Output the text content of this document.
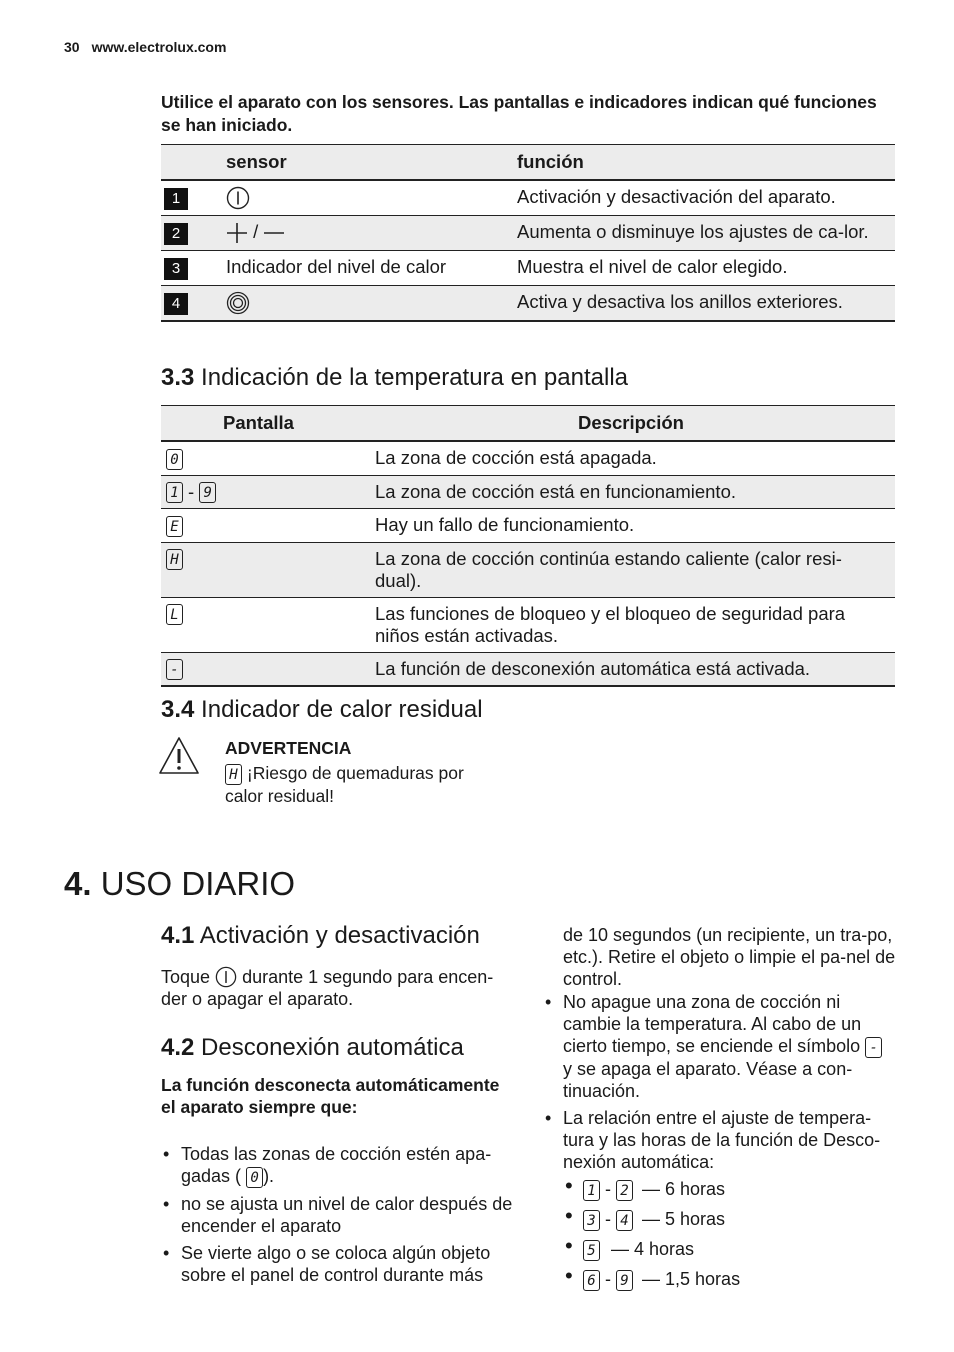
30 www.electrolux.com
Utilice el aparato con los sensores. Las pantallas e indicadores indican qué funciones se han iniciado.
	sensor	función
1		Activación y desactivación del aparato.
2	/	Aumenta o disminuye los ajustes de ca-lor.
3	Indicador del nivel de calor	Muestra el nivel de calor elegido.
4		Activa y desactiva los anillos exteriores.
3.3 Indicación de la temperatura en pantalla
Pantalla	Descripción
0	La zona de cocción está apagada.
1 - 9	La zona de cocción está en funcionamiento.
E	Hay un fallo de funcionamiento.
H	La zona de cocción continúa estando caliente (calor resi-dual).
L	Las funciones de bloqueo y el bloqueo de seguridad para niños están activadas.
-	La función de desconexión automática está activada.
3.4 Indicador de calor residual
ADVERTENCIA
H ¡Riesgo de quemaduras por calor residual!
4. USO DIARIO
4.1 Activación y desactivación
Toque durante 1 segundo para encen-der o apagar el aparato.
4.2 Desconexión automática
La función desconecta automáticamente el aparato siempre que:
• Todas las zonas de cocción estén apa-gadas ( 0 ).
• no se ajusta un nivel de calor después de encender el aparato
• Se vierte algo o se coloca algún objeto sobre el panel de control durante más
de 10 segundos (un recipiente, un tra-po, etc.). Retire el objeto o limpie el pa-nel de control.
• No apague una zona de cocción ni cambie la temperatura. Al cabo de un cierto tiempo, se enciende el símbolo - y se apaga el aparato. Véase a con-tinuación.
• La relación entre el ajuste de tempera-tura y las horas de la función de Desco-nexión automática:
• 1 - 2 — 6 horas
• 3 - 4 — 5 horas
• 5 — 4 horas
• 6 - 9 — 1,5 horas
